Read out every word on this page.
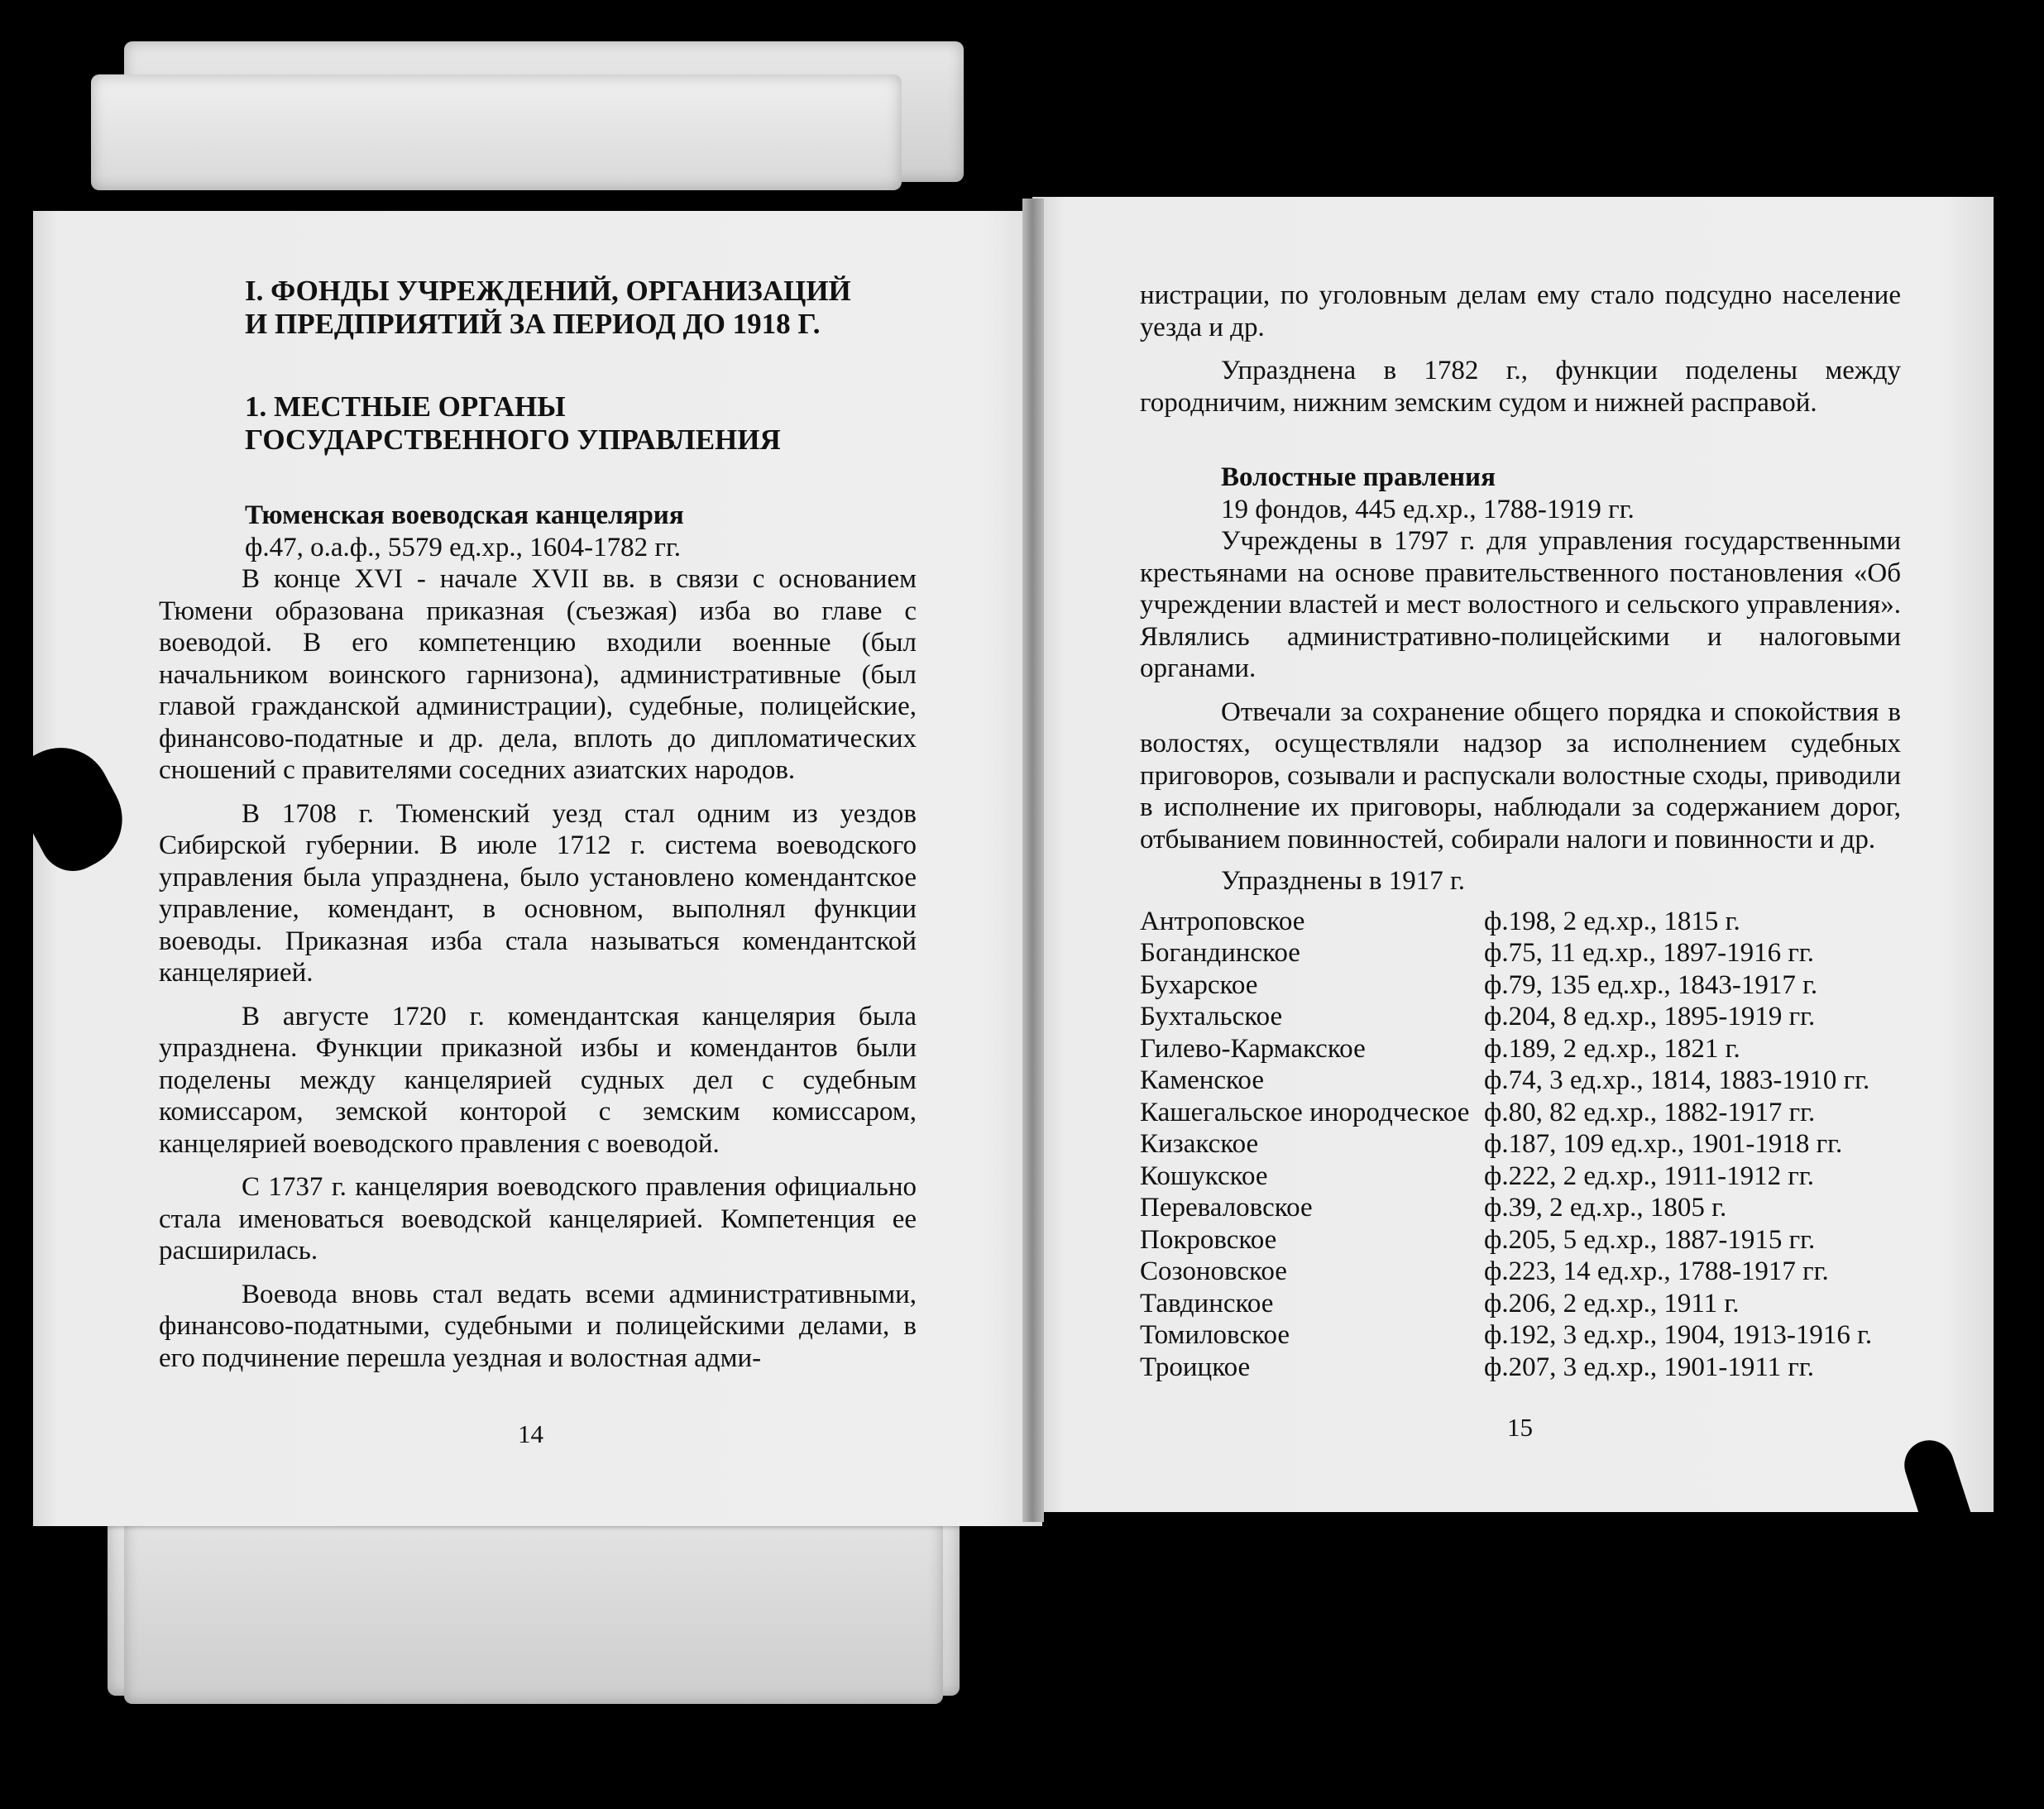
I. ФОНДЫ УЧРЕЖДЕНИЙ, ОРГАНИЗАЦИЙ
И ПРЕДПРИЯТИЙ ЗА ПЕРИОД ДО 1918 Г.
1. МЕСТНЫЕ ОРГАНЫ
ГОСУДАРСТВЕННОГО УПРАВЛЕНИЯ
Тюменская воеводская канцелярия
ф.47, о.а.ф., 5579 ед.хр., 1604-1782 гг.

В конце XVI - начале XVII вв. в связи с основанием Тюмени образована приказная (съезжая) изба во главе с воеводой. В его компетенцию входили военные (был начальником воинского гарнизона), административные (был главой гражданской администрации), судебные, полицейские, финансово-податные и др. дела, вплоть до дипломатических сношений с правителями соседних азиатских народов.

В 1708 г. Тюменский уезд стал одним из уездов Сибирской губернии. В июле 1712 г. система воеводского управления была упразднена, было установлено комендантское управление, комендант, в основном, выполнял функции воеводы. Приказная изба стала называться комендантской канцелярией.

В августе 1720 г. комендантская канцелярия была упразднена. Функции приказной избы и комендантов были поделены между канцелярией судных дел с судебным комиссаром, земской конторой с земским комиссаром, канцелярией воеводского правления с воеводой.

С 1737 г. канцелярия воеводского правления официально стала именоваться воеводской канцелярией. Компетенция ее расширилась.

Воевода вновь стал ведать всеми административными, финансово-податными, судебными и полицейскими делами, в его подчинение перешла уездная и волостная адми-

14

нистрации, по уголовным делам ему стало подсудно население уезда и др.

Упразднена в 1782 г., функции поделены между городничим, нижним земским судом и нижней расправой.

Волостные правления
19 фондов, 445 ед.хр., 1788-1919 гг.

Учреждены в 1797 г. для управления государственными крестьянами на основе правительственного постановления «Об учреждении властей и мест волостного и сельского управления». Являлись административно-полицейскими и налоговыми органами.

Отвечали за сохранение общего порядка и спокойствия в волостях, осуществляли надзор за исполнением судебных приговоров, созывали и распускали волостные сходы, приводили в исполнение их приговоры, наблюдали за содержанием дорог, отбыванием повинностей, собирали налоги и повинности и др.

Упразднены в 1917 г.
Антроповское	ф.198, 2 ед.хр., 1815 г.
Богандинское	ф.75, 11 ед.хр., 1897-1916 гг.
Бухарское	ф.79, 135 ед.хр., 1843-1917 г.
Бухтальское	ф.204, 8 ед.хр., 1895-1919 гг.
Гилево-Кармакское	ф.189, 2 ед.хр., 1821 г.
Каменское	ф.74, 3 ед.хр., 1814, 1883-1910 гг.
Кашегальское инородческое ф.80, 82 ед.хр., 1882-1917 гг.
Кизакское	ф.187, 109 ед.хр., 1901-1918 гг.
Кошукское	ф.222, 2 ед.хр., 1911-1912 гг.
Переваловское	ф.39, 2 ед.хр., 1805 г.
Покровское	ф.205, 5 ед.хр., 1887-1915 гг.
Созоновское	ф.223, 14 ед.хр., 1788-1917 гг.
Тавдинское	ф.206, 2 ед.хр., 1911 г.
Томиловское	ф.192, 3 ед.хр., 1904, 1913-1916 г.
Троицкое	ф.207, 3 ед.хр., 1901-1911 гг.
15
